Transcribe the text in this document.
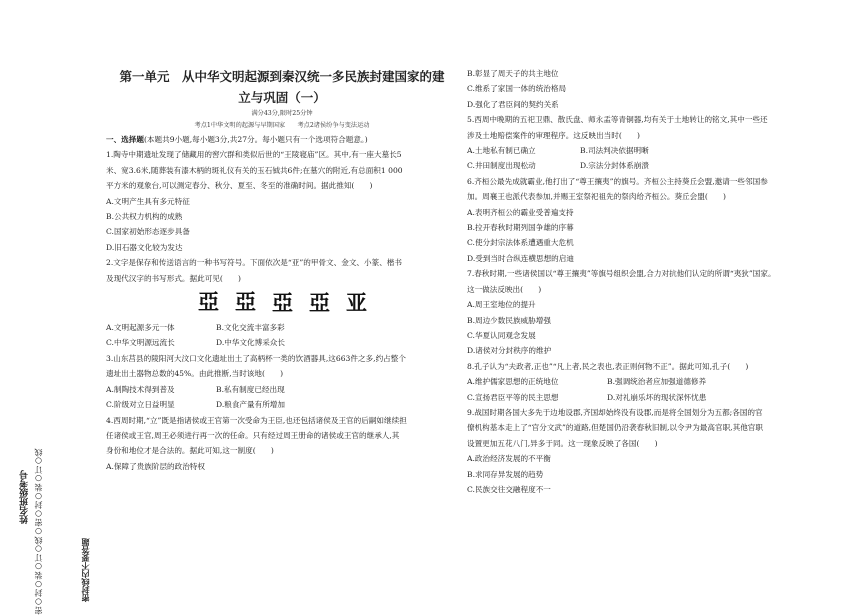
姓名班级考号 密○封○装○订○线○密○封○装○订○线	密封线内不要答题

第一单元　从中华文明起源到秦汉统一多民族封建国家的建

立与巩固（一）

满分43分,限时25分钟

考点1中华文明的起源与早期国家　　考点2诸侯纷争与变法运动

一、选择题(本题共9小题,每小题3分,共27分。每小题只有一个选项符合题意。)

1.陶寺中期遗址发现了储藏用的窖穴群和类似后世的“王陵寝庙”区。其中,有一座大墓长5

米、宽3.6米,随葬装有漆木柄的斑礼仪有关的玉石钺共6件;在墓穴的附近,有总面积1 000

平方米的观象台,可以测定春分、秋分、夏至、冬至的准确时间。据此推知(　　)

A.文明产生具有多元特征

B.公共权力机构的成熟

C.国家初始形态逐步具备

D.旧石器文化较为发达

2.文字是保存和传送语言的一种书写符号。下面依次是“亚”的甲骨文、金文、小篆、楷书

及现代汉字的书写形式。据此可见(　　)

亞 亞 亞 亞 亚

A.文明起源多元一体	B.文化交流丰富多彩

C.中华文明源远流长	D.中华文化博采众长

3.山东莒县的陵阳河大汶口文化遗址出土了高柄杯一类的饮酒器具,这663件之多,约占整个

遗址出土器物总数的45%。由此推断,当时该地(　　)

A.制陶技术得到普及	B.私有制度已经出现

C.阶级对立日益明显	D.粮食产量有所增加

4.西周时期,“立”既是指诸侯或王官第一次受命为王臣,也还包括诸侯及王官的后嗣如继续担

任诸侯或王官,周王必须进行再一次的任命。只有经过周王册命的诸侯或王官的继承人,其

身份和地位才是合法的。据此可知,这一制度(　　)

A.保障了贵族阶层的政治特权

B.彰显了周天子的共主地位

C.维系了家国一体的统治格局

D.强化了君臣间的契约关系

5.西周中晚期的五祀卫鼎、散氏盘、师永盂等青铜器,均有关于土地转让的铭文,其中一些还

涉及土地赔偿案件的审理程序。这反映出当时(　　)

A.土地私有制已确立	B.司法判决依据明晰

C.井田制度出现松动	D.宗法分封体系崩溃

6.齐桓公最先成就霸业,他打出了“尊王攘夷”的旗号。齐桓公主持葵丘会盟,邀请一些邻国参

加。周襄王也派代表参加,并赐王室祭祀祖先的祭肉给齐桓公。葵丘会盟(　　)

A.表明齐桓公的霸业受普遍支持

B.拉开春秋时期列国争雄的序幕

C.使分封宗法体系遭遇重大危机

D.受到当时合纵连横思想的启迪

7.春秋时期,一些诸侯国以“尊王攘夷”等旗号组织会盟,合力对抗他们认定的所谓“夷狄”国家。

这一做法反映出(　　)

A.周王室地位的提升

B.周边少数民族威胁增强

C.华夏认同观念发展

D.诸侯对分封秩序的维护

8.孔子认为“夫政者,正也”“凡上者,民之表也,表正则何物不正”。据此可知,孔子(　　)

A.维护儒家思想的正统地位	B.强调统治者应加强道德修养

C.宣扬君臣平等的民主思想	D.对礼崩乐坏的现状深怀忧患

9.战国时期各国大多先于边地设郡,齐国却始终没有设郡,而是将全国划分为五都;各国的官

僚机构基本走上了“官分文武”的道路,但楚国仍沿袭春秋旧制,以令尹为最高官职,其他官职

设置更加五花八门,异多于同。这一现象反映了各国(　　)

A.政治经济发展的不平衡

B.求同存异发展的趋势

C.民族交往交融程度不一
